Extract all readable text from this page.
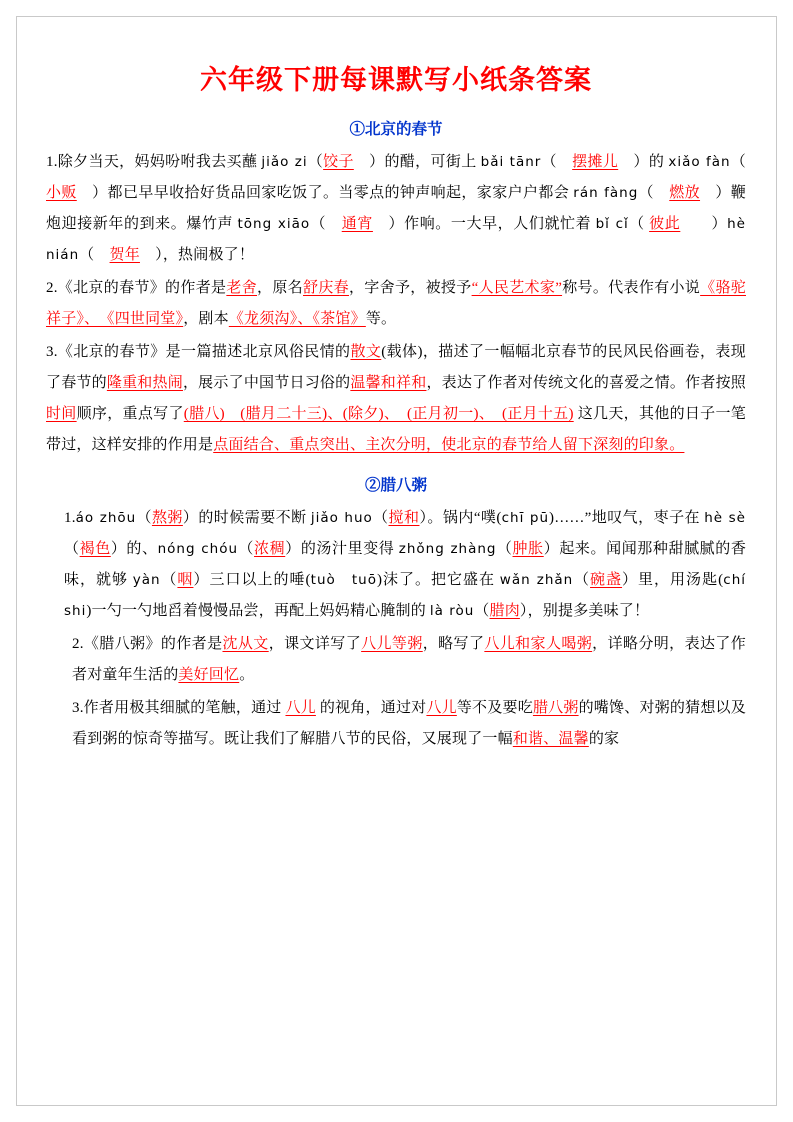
六年级下册每课默写小纸条答案
①北京的春节
1.除夕当天，妈妈吩咐我去买蘸 jiǎo zi（饺子　）的醋，可街上 bǎi tānr（　摆摊儿　）的 xiǎo fàn（　小贩　）都已早早收拾好货品回家吃饭了。当零点的钟声响起，家家户户都会 rán fàng（　燃放　）鞭炮迎接新年的到来。爆竹声 tōng xiāo（　通宵　）作响。一大早，人们就忙着 bǐ cǐ（ 彼此　　）hè nián（　贺年　），热闹极了！
2.《北京的春节》的作者是老舍，原名舒庆春，字舍予，被授予“人民艺术家”称号。代表作有小说《骆驼祥子》、　《四世同堂》，剧本《龙须沟》、《茶馆》等。
3.《北京的春节》是一篇描述北京风俗民情的散文(载体)，描述了一幅幅北京春节的民风民俗画卷，表现了春节的隆重和热闹，展示了中国节日习俗的温馨和祥和，表达了作者对传统文化的喜爱之情。作者按照时间顺序，重点写了(腊八)　(腊月二十三)、(除夕)、　(正月初一)、　(正月十五) 这几天，其他的日子一笔带过，这样安排的作用是点面结合、重点突出、主次分明，使北京的春节给人留下深刻的印象。
②腊八粥
1.áo zhōu（熬粥）的时候需要不断 jiǎo huo（搅和）。锅内“噗(chī pū)……”地叹气，枣子在 hè sè（褐色）的、nóng chóu（浓稠）的汤汁里变得 zhǒng zhàng（肿胀）起来。闻闻那种甜腻腻的香味，就够 yàn（咽）三口以上的唾(tuò　tuō)沫了。把它盛在 wǎn zhǎn（碗盏）里，用汤匙(chí　shi)一勺一勺地舀着慢慢品尝，再配上妈妈精心腌制的 là ròu（腊肉），别提多美味了！
2.《腊八粥》的作者是沈从文，课文详写了八儿等粥，略写了八儿和家人喝粥，详略分明，表达了作者对童年生活的美好回忆。
3.作者用极其细腻的笔触，通过 八儿 的视角，通过对八儿等不及要吃腊八粥的嘴馋、对粥的猜想以及看到粥的惊奇等描写。既让我们了解腊八节的民俗，又展现了一幅和谐、温馨的家
